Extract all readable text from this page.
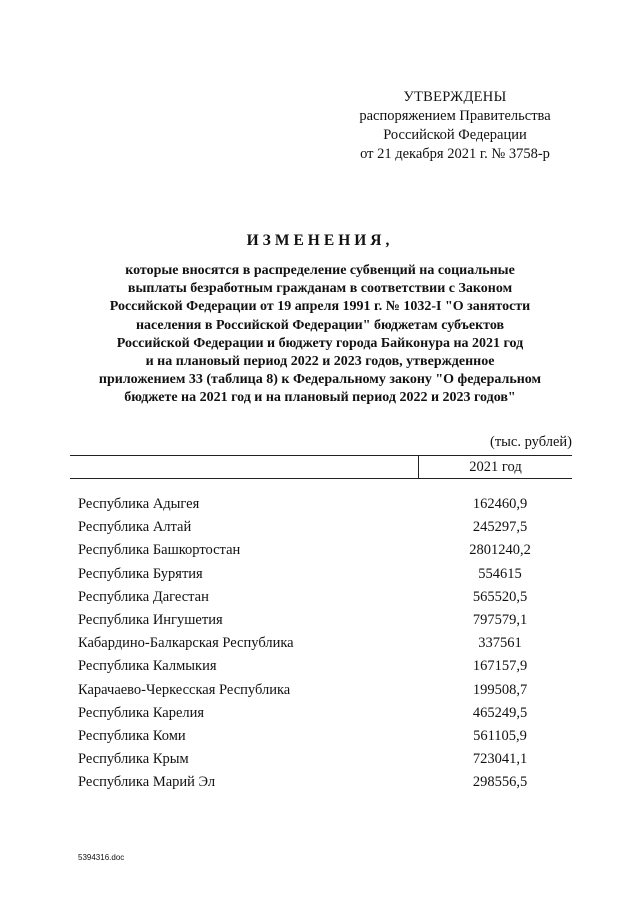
УТВЕРЖДЕНЫ
распоряжением Правительства
Российской Федерации
от 21 декабря 2021 г. № 3758-р
ИЗМЕНЕНИЯ,
которые вносятся в распределение субвенций на социальные
выплаты безработным гражданам в соответствии с Законом
Российской Федерации от 19 апреля 1991 г. № 1032-I "О занятости
населения в Российской Федерации" бюджетам субъектов
Российской Федерации и бюджету города Байконура на 2021 год
и на плановый период 2022 и 2023 годов, утвержденное
приложением 33 (таблица 8) к Федеральному закону "О федеральном
бюджете на 2021 год и на плановый период 2022 и 2023 годов"
(тыс. рублей)
2021 год
Республика Адыгея	162460,9
Республика Алтай	245297,5
Республика Башкортостан	2801240,2
Республика Бурятия	554615
Республика Дагестан	565520,5
Республика Ингушетия	797579,1
Кабардино-Балкарская Республика	337561
Республика Калмыкия	167157,9
Карачаево-Черкесская Республика	199508,7
Республика Карелия	465249,5
Республика Коми	561105,9
Республика Крым	723041,1
Республика Марий Эл	298556,5
5394316.doc
